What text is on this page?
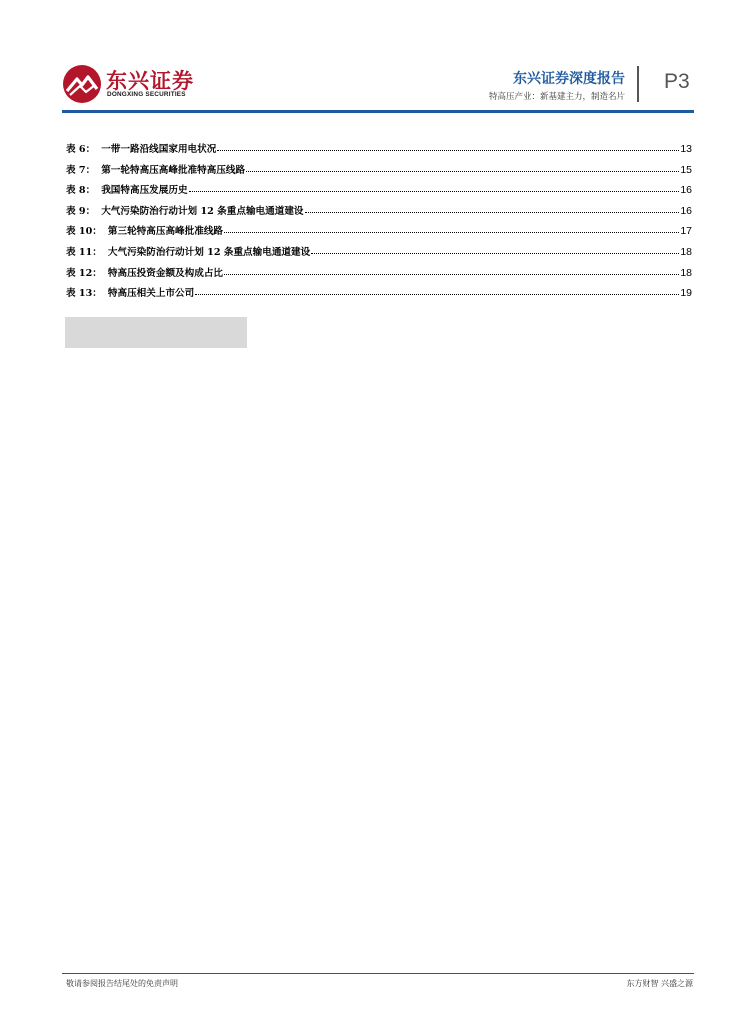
东兴证券
DONGXING SECURITIES
东兴证券深度报告
特高压产业：新基建主力，制造名片
P3
表 6： 一带一路沿线国家用电状况	13
表 7： 第一轮特高压高峰批准特高压线路	15
表 8： 我国特高压发展历史	16
表 9： 大气污染防治行动计划 12 条重点输电通道建设	16
表 10： 第三轮特高压高峰批准线路	17
表 11： 大气污染防治行动计划 12 条重点输电通道建设	18
表 12： 特高压投资金额及构成占比	18
表 13： 特高压相关上市公司	19
敬请参阅报告结尾处的免责声明	东方财智 兴盛之源
